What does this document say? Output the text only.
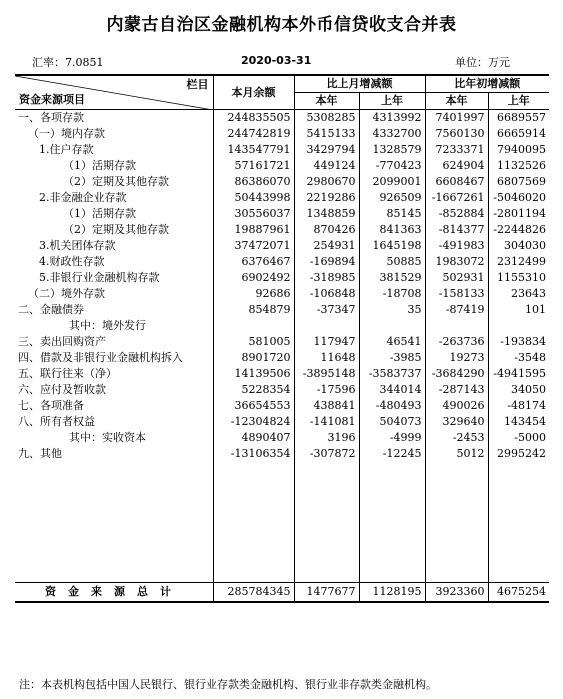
内蒙古自治区金融机构本外币信贷收支合并表
汇率：7.0851	2020-03-31	单位：万元
栏目
资金来源项目	本月余额	比上月增减额		比年初增减额	
		本年	上年	本年	上年
一、各项存款	244835505	5308285	4313992	7401997	6689557
（一）境内存款	244742819	5415133	4332700	7560130	6665914
1.住户存款	143547791	3429794	1328579	7233371	7940095
（1）活期存款	57161721	449124	-770423	624904	1132526
（2）定期及其他存款	86386070	2980670	2099001	6608467	6807569
2.非金融企业存款	50443998	2219286	926509	-1667261	-5046020
（1）活期存款	30556037	1348859	85145	-852884	-2801194
（2）定期及其他存款	19887961	870426	841363	-814377	-2244826
3.机关团体存款	37472071	254931	1645198	-491983	304030
4.财政性存款	6376467	-169894	50885	1983072	2312499
5.非银行业金融机构存款	6902492	-318985	381529	502931	1155310
（二）境外存款	92686	-106848	-18708	-158133	23643
二、金融债券	854879	-37347	35	-87419	101
其中：境外发行					
三、卖出回购资产	581005	117947	46541	-263736	-193834
四、借款及非银行业金融机构拆入	8901720	11648	-3985	19273	-3548
五、联行往来（净）	14139506	-3895148	-3583737	-3684290	-4941595
六、应付及暂收款	5228354	-17596	344014	-287143	34050
七、各项准备	36654553	438841	-480493	490026	-48174
八、所有者权益	-12304824	-141081	504073	329640	143454
其中：实收资本	4890407	3196	-4999	-2453	-5000
九、其他	-13106354	-307872	-12245	5012	2995242

资金来源总计	285784345	1477677	1128195	3923360	4675254
注：本表机构包括中国人民银行、银行业存款类金融机构、银行业非存款类金融机构。
